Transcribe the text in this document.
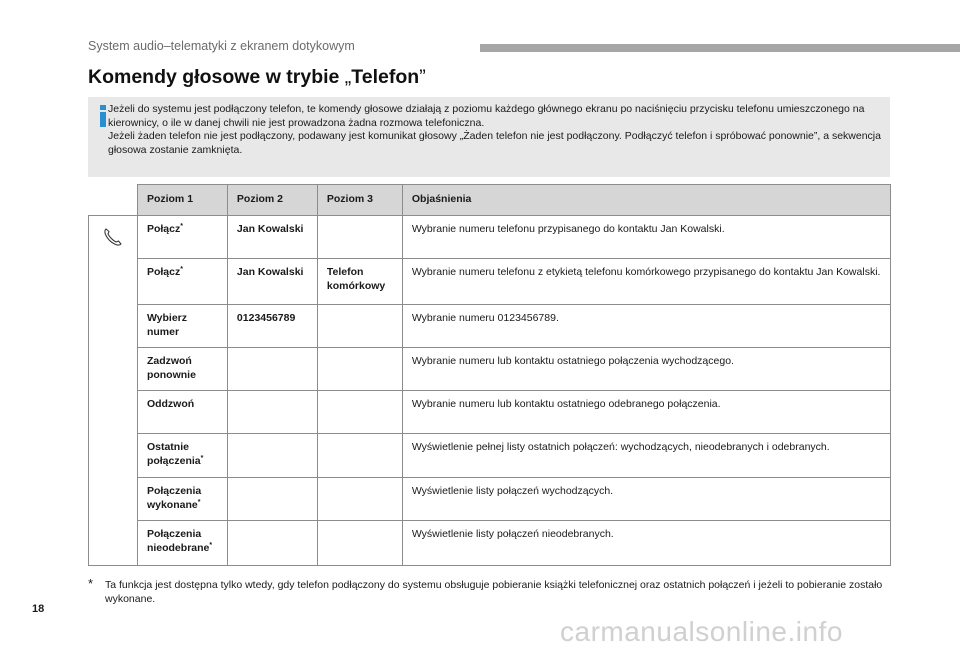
System audio–telematyki z ekranem dotykowym
Komendy głosowe w trybie „Telefon”

Jeżeli do systemu jest podłączony telefon, te komendy głosowe działają z poziomu każdego głównego ekranu po naciśnięciu przycisku telefonu umieszczonego na kierownicy, o ile w danej chwili nie jest prowadzona żadna rozmowa telefoniczna.

Jeżeli żaden telefon nie jest podłączony, podawany jest komunikat głosowy „Żaden telefon nie jest podłączony. Podłączyć telefon i spróbować ponownie”, a sekwencja głosowa zostanie zamknięta.

	Poziom 1	Poziom 2	Poziom 3	Objaśnienia
	Połącz*	Jan Kowalski		Wybranie numeru telefonu przypisanego do kontaktu Jan Kowalski.
	Połącz*	Jan Kowalski	Telefon komórkowy	Wybranie numeru telefonu z etykietą telefonu komórkowego przypisanego do kontaktu Jan Kowalski.
	Wybierz numer	0123456789		Wybranie numeru 0123456789.
	Zadzwoń ponownie			Wybranie numeru lub kontaktu ostatniego połączenia wychodzącego.
	Oddzwoń			Wybranie numeru lub kontaktu ostatniego odebranego połączenia.
	Ostatnie połączenia*			Wyświetlenie pełnej listy ostatnich połączeń: wychodzących, nieodebranych i odebranych.
	Połączenia wykonane*			Wyświetlenie listy połączeń wychodzących.
	Połączenia nieodebrane*			Wyświetlenie listy połączeń nieodebranych.
* Ta funkcja jest dostępna tylko wtedy, gdy telefon podłączony do systemu obsługuje pobieranie książki telefonicznej oraz ostatnich połączeń i jeżeli to pobieranie zostało wykonane.
18
carmanualsonline.info
